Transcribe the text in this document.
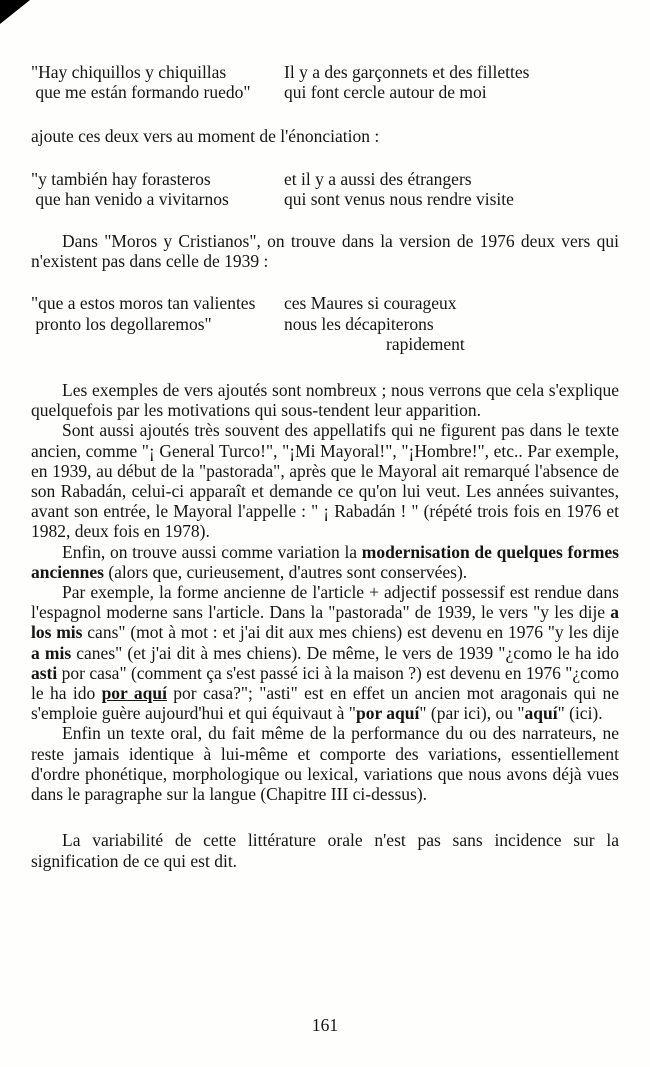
"Hay chiquillos y chiquillas	Il y a des garçonnets et des fillettes
que me están formando ruedo"	qui font cercle autour de moi

ajoute ces deux vers au moment de l'énonciation :

"y también hay forasteros	et il y a aussi des étrangers
que han venido a vivitarnos	qui sont venus nous rendre visite

Dans "Moros y Cristianos", on trouve dans la version de 1976 deux vers qui n'existent pas dans celle de 1939 :

"que a estos moros tan valientes	ces Maures si courageux
pronto los degollaremos"	nous les décapiterons
rapidement

Les exemples de vers ajoutés sont nombreux ; nous verrons que cela s'explique quelquefois par les motivations qui sous-tendent leur apparition.

Sont aussi ajoutés très souvent des appellatifs qui ne figurent pas dans le texte ancien, comme "¡ General Turco!", "¡Mi Mayoral!", "¡Hombre!", etc.. Par exemple, en 1939, au début de la "pastorada", après que le Mayoral ait remarqué l'absence de son Rabadán, celui-ci apparaît et demande ce qu'on lui veut. Les années suivantes, avant son entrée, le Mayoral l'appelle : " ¡ Rabadán ! " (répété trois fois en 1976 et 1982, deux fois en 1978).

Enfin, on trouve aussi comme variation la modernisation de quelques formes anciennes (alors que, curieusement, d'autres sont conservées).

Par exemple, la forme ancienne de l'article + adjectif possessif est rendue dans l'espagnol moderne sans l'article. Dans la "pastorada" de 1939, le vers "y les dije a los mis cans" (mot à mot : et j'ai dit aux mes chiens) est devenu en 1976 "y les dije a mis canes" (et j'ai dit à mes chiens). De même, le vers de 1939 "¿como le ha ido asti por casa" (comment ça s'est passé ici à la maison ?) est devenu en 1976 "¿como le ha ido por aquí por casa?"; "asti" est en effet un ancien mot aragonais qui ne s'emploie guère aujourd'hui et qui équivaut à "por aquí" (par ici), ou "aquí" (ici).

Enfin un texte oral, du fait même de la performance du ou des narrateurs, ne reste jamais identique à lui-même et comporte des variations, essentiellement d'ordre phonétique, morphologique ou lexical, variations que nous avons déjà vues dans le paragraphe sur la langue (Chapitre III ci-dessus).

La variabilité de cette littérature orale n'est pas sans incidence sur la signification de ce qui est dit.

161
